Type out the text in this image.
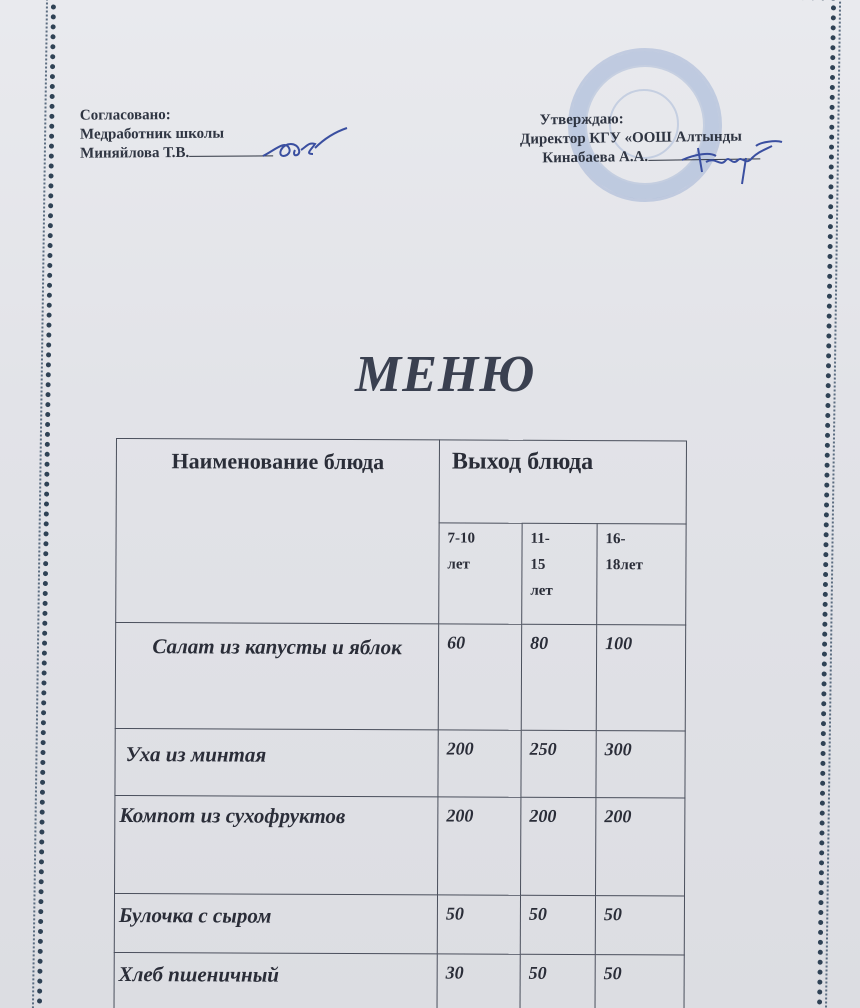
Согласовано:
Медработник школы
Миняйлова Т.В.
Утверждаю:
Директор КГУ «ООШ Алтынды
Кинабаева А.А.
МЕНЮ
Наименование блюда	Выход блюда		

	7-10 лет	11-15 лет	16-18лет

Салат из капусты и яблок	60	80	100
Уха из минтая	200	250	300
Компот из сухофруктов	200	200	200
Булочка с сыром	50	50	50
Хлеб пшеничный	30	50	50
